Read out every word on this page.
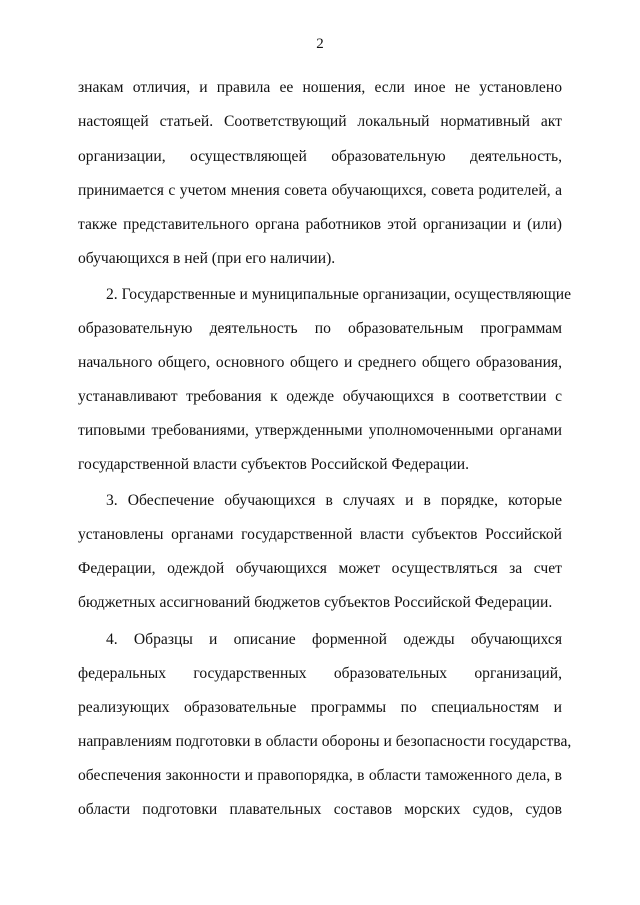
2
знакам отличия, и правила ее ношения, если иное не установлено
настоящей статьей. Соответствующий локальный нормативный акт
организации, осуществляющей образовательную деятельность,
принимается с учетом мнения совета обучающихся, совета родителей, а
также представительного органа работников этой организации и (или)
обучающихся в ней (при его наличии).
2. Государственные и муниципальные организации, осуществляющие
образовательную деятельность по образовательным программам
начального общего, основного общего и среднего общего образования,
устанавливают требования к одежде обучающихся в соответствии с
типовыми требованиями, утвержденными уполномоченными органами
государственной власти субъектов Российской Федерации.
3. Обеспечение обучающихся в случаях и в порядке, которые
установлены органами государственной власти субъектов Российской
Федерации, одеждой обучающихся может осуществляться за счет
бюджетных ассигнований бюджетов субъектов Российской Федерации.
4. Образцы и описание форменной одежды обучающихся
федеральных государственных образовательных организаций,
реализующих образовательные программы по специальностям и
направлениям подготовки в области обороны и безопасности государства,
обеспечения законности и правопорядка, в области таможенного дела, в
области подготовки плавательных составов морских судов, судов
